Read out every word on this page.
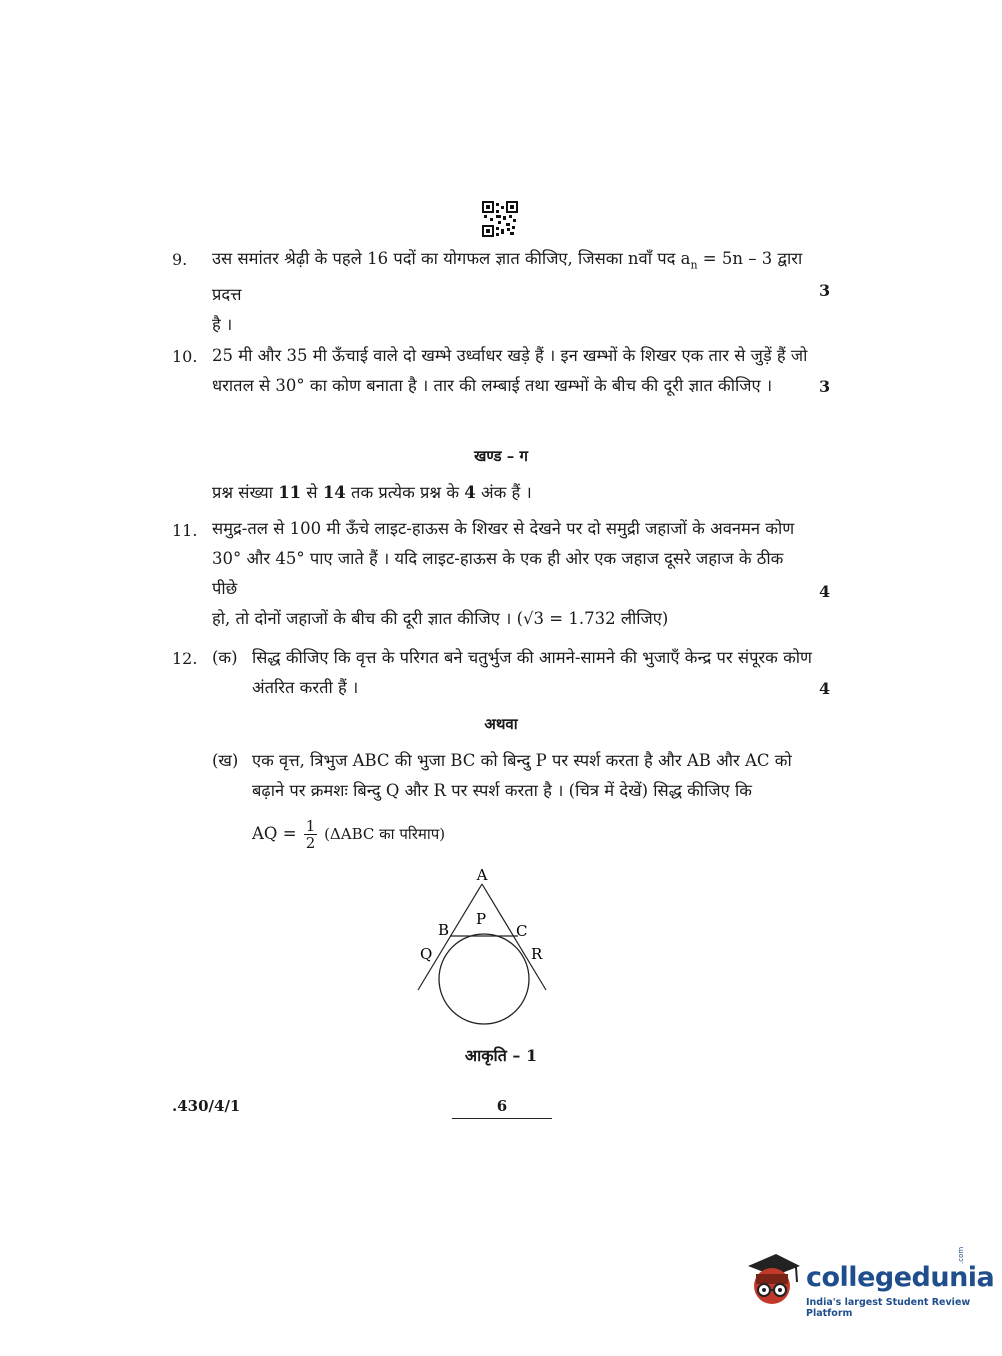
9. उस समांतर श्रेढ़ी के पहले 16 पदों का योगफल ज्ञात कीजिए, जिसका nवाँ पद $a_n = 5n - 3$ द्वारा प्रदत्त
है ।
3
10. 25 मी और 35 मी ऊँचाई वाले दो खम्भे उर्ध्वाधर खड़े हैं । इन खम्भों के शिखर एक तार से जुड़ें हैं जो
धरातल से 30° का कोण बनाता है । तार की लम्बाई तथा खम्भों के बीच की दूरी ज्ञात कीजिए ।	3
खण्ड – ग
प्रश्न संख्या 11 से 14 तक प्रत्येक प्रश्न के 4 अंक हैं ।
11. समुद्र-तल से 100 मी ऊँचे लाइट-हाऊस के शिखर से देखने पर दो समुद्री जहाजों के अवनमन कोण
30° और 45° पाए जाते हैं । यदि लाइट-हाऊस के एक ही ओर एक जहाज दूसरे जहाज के ठीक पीछे
हो, तो दोनों जहाजों के बीच की दूरी ज्ञात कीजिए । (√3 = 1.732 लीजिए)
4
12. (क) सिद्ध कीजिए कि वृत्त के परिगत बने चतुर्भुज की आमने-सामने की भुजाएँ केन्द्र पर संपूरक कोण
अंतरित करती हैं ।	4
अथवा
(ख) एक वृत्त, त्रिभुज ABC की भुजा BC को बिन्दु P पर स्पर्श करता है और AB और AC को
बढ़ाने पर क्रमशः बिन्दु Q और R पर स्पर्श करता है । (चित्र में देखें) सिद्ध कीजिए कि
AQ = $\frac{1}{2} (\Delta ABC$ का परिमाप)
A
B	C
P
Q	R
आकृति – 1
.430/4/1	6
collegedunia
.com
India's largest Student Review Platform
